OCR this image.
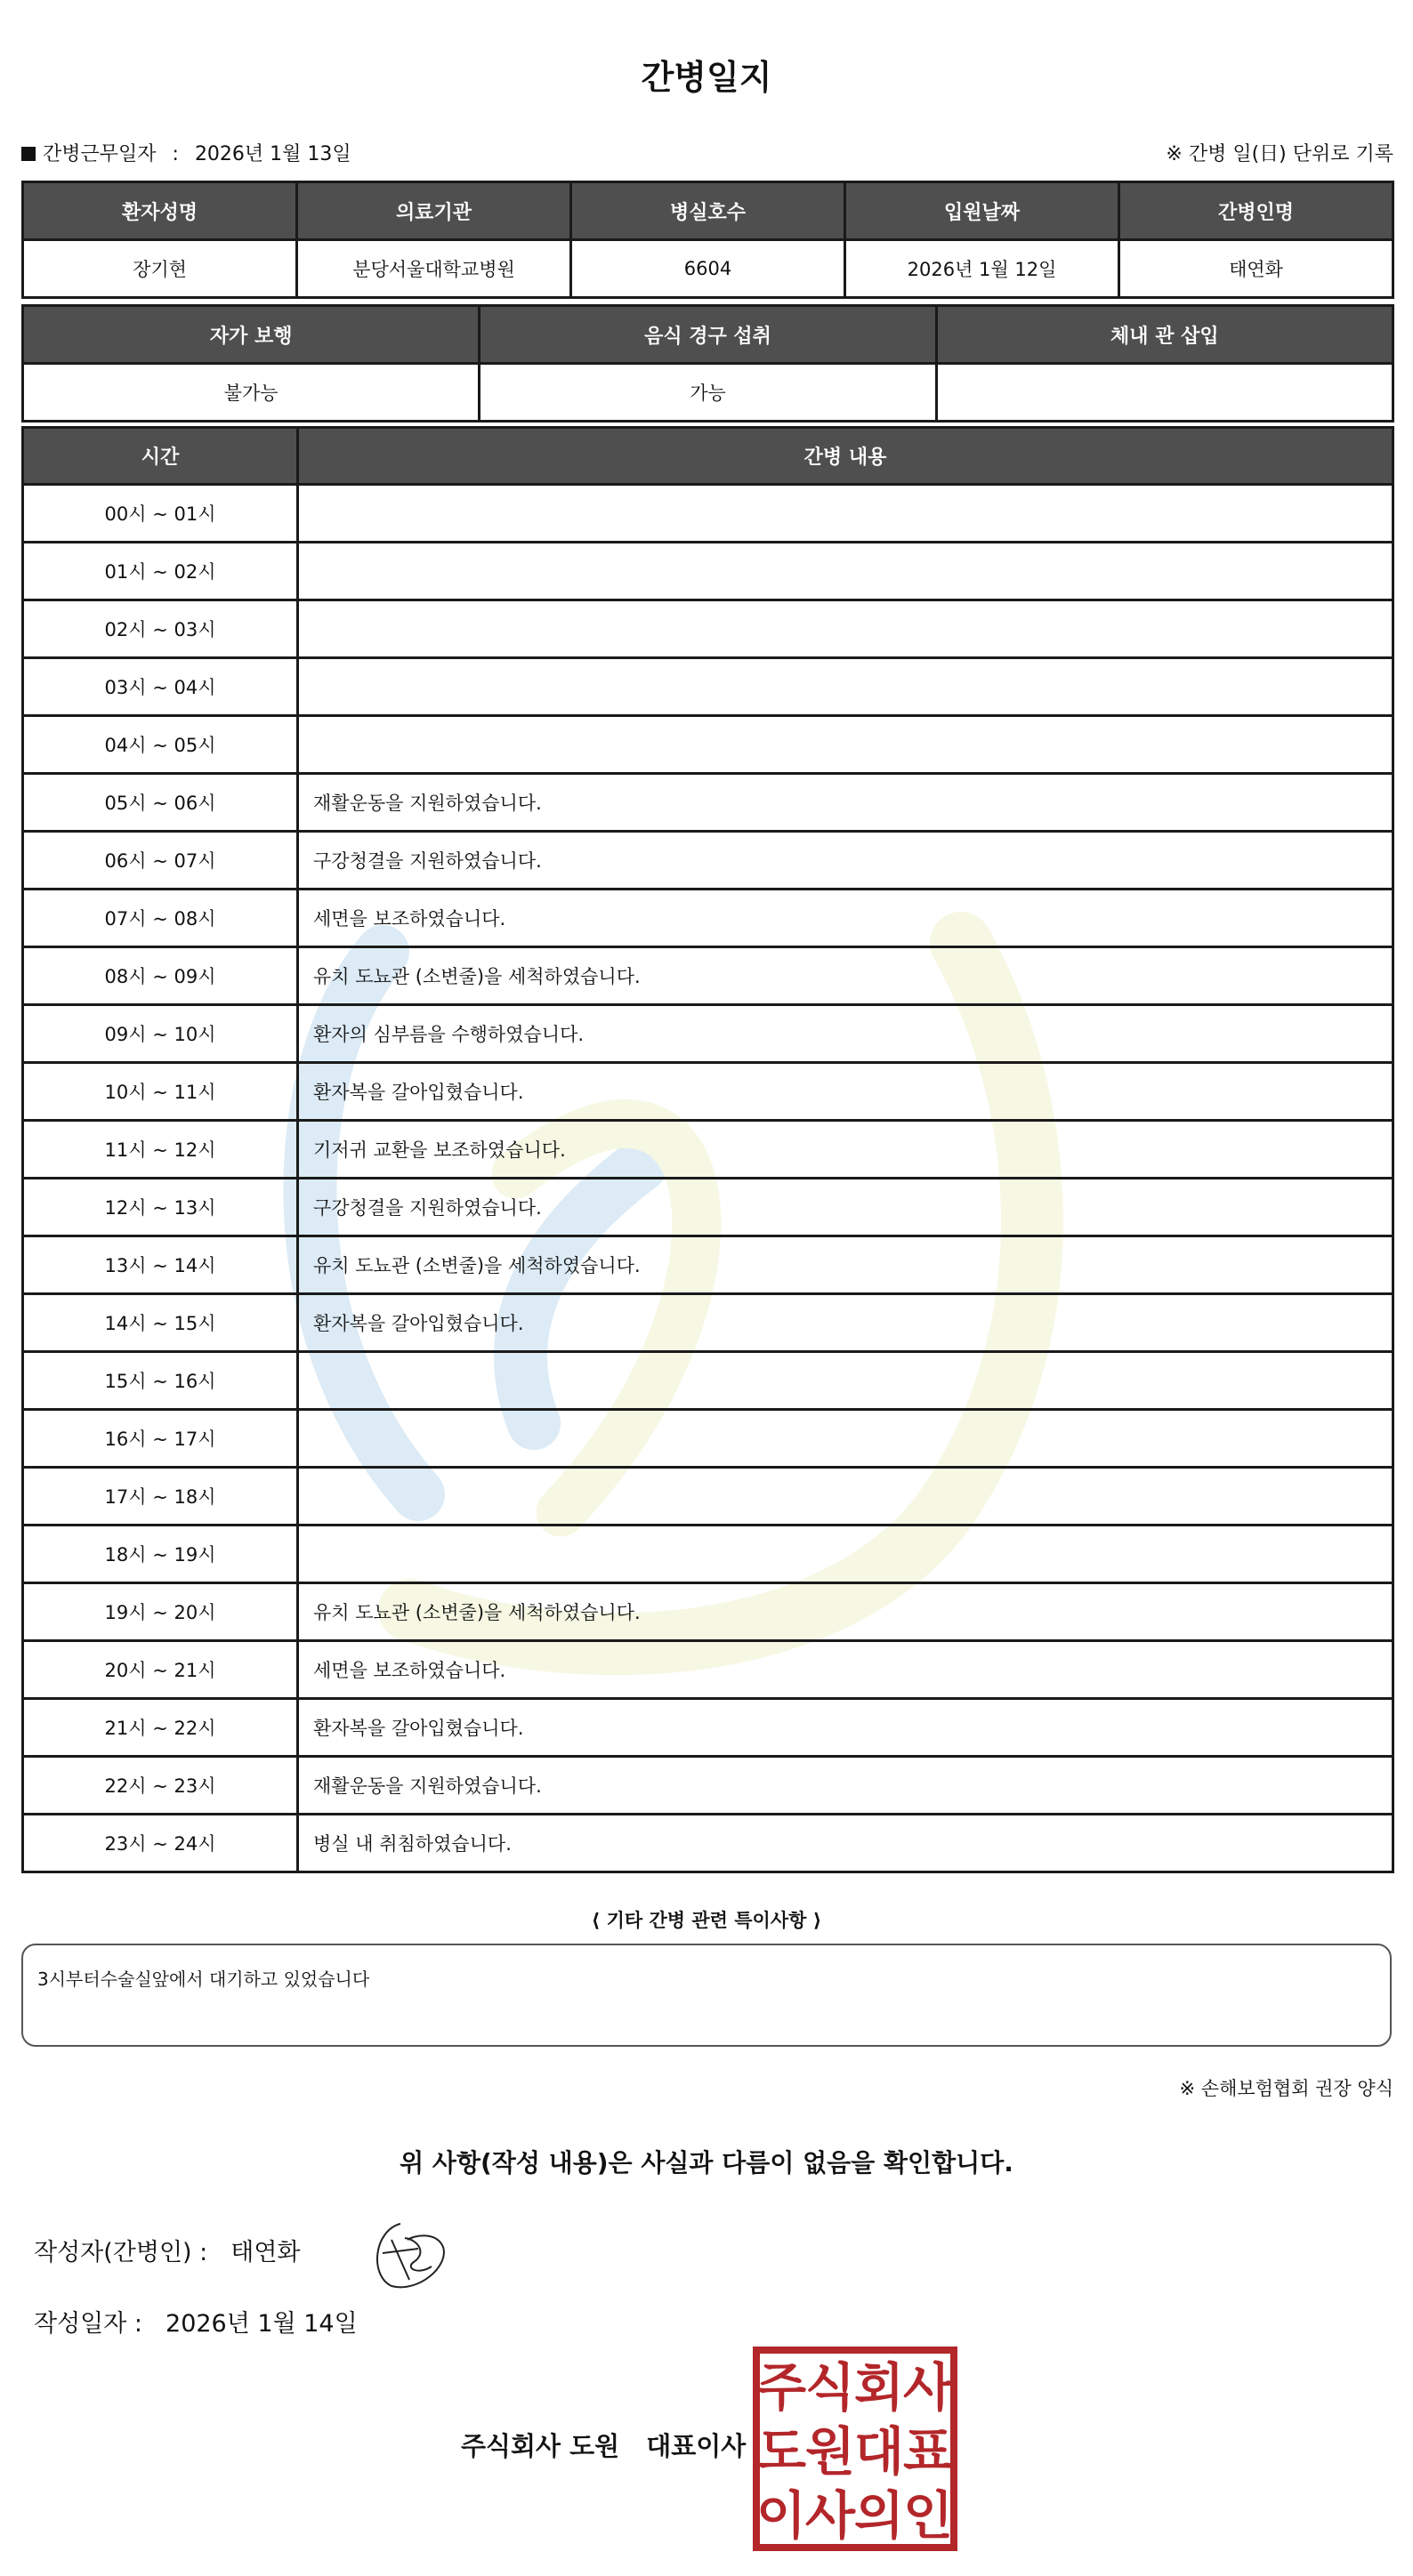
간병일지
간병근무일자 : 2026년 1월 13일	※ 간병 일(日) 단위로 기록
환자성명	의료기관	병실호수	입원날짜	간병인명
장기현	분당서울대학교병원	6604	2026년 1월 12일	태연화
자가 보행	음식 경구 섭취	체내 관 삽입
불가능	가능	
시간	간병 내용
00시 ~ 01시	
01시 ~ 02시	
02시 ~ 03시	
03시 ~ 04시	
04시 ~ 05시	
05시 ~ 06시	재활운동을 지원하였습니다.
06시 ~ 07시	구강청결을 지원하였습니다.
07시 ~ 08시	세면을 보조하였습니다.
08시 ~ 09시	유치 도뇨관 (소변줄)을 세척하였습니다.
09시 ~ 10시	환자의 심부름을 수행하였습니다.
10시 ~ 11시	환자복을 갈아입혔습니다.
11시 ~ 12시	기저귀 교환을 보조하였습니다.
12시 ~ 13시	구강청결을 지원하였습니다.
13시 ~ 14시	유치 도뇨관 (소변줄)을 세척하였습니다.
14시 ~ 15시	환자복을 갈아입혔습니다.
15시 ~ 16시	
16시 ~ 17시	
17시 ~ 18시	
18시 ~ 19시	
19시 ~ 20시	유치 도뇨관 (소변줄)을 세척하였습니다.
20시 ~ 21시	세면을 보조하였습니다.
21시 ~ 22시	환자복을 갈아입혔습니다.
22시 ~ 23시	재활운동을 지원하였습니다.
23시 ~ 24시	병실 내 취침하였습니다.
⟨ 기타 간병 관련 특이사항 ⟩
3시부터수술실앞에서 대기하고 있었습니다
※ 손해보험협회 권장 양식
위 사항(작성 내용)은 사실과 다름이 없음을 확인합니다.
작성자(간병인) : 태연화
작성일자 : 2026년 1월 14일
주식회사 도원 대표이사
주
식
회
사
도
원
대
표
이
사
의
인
